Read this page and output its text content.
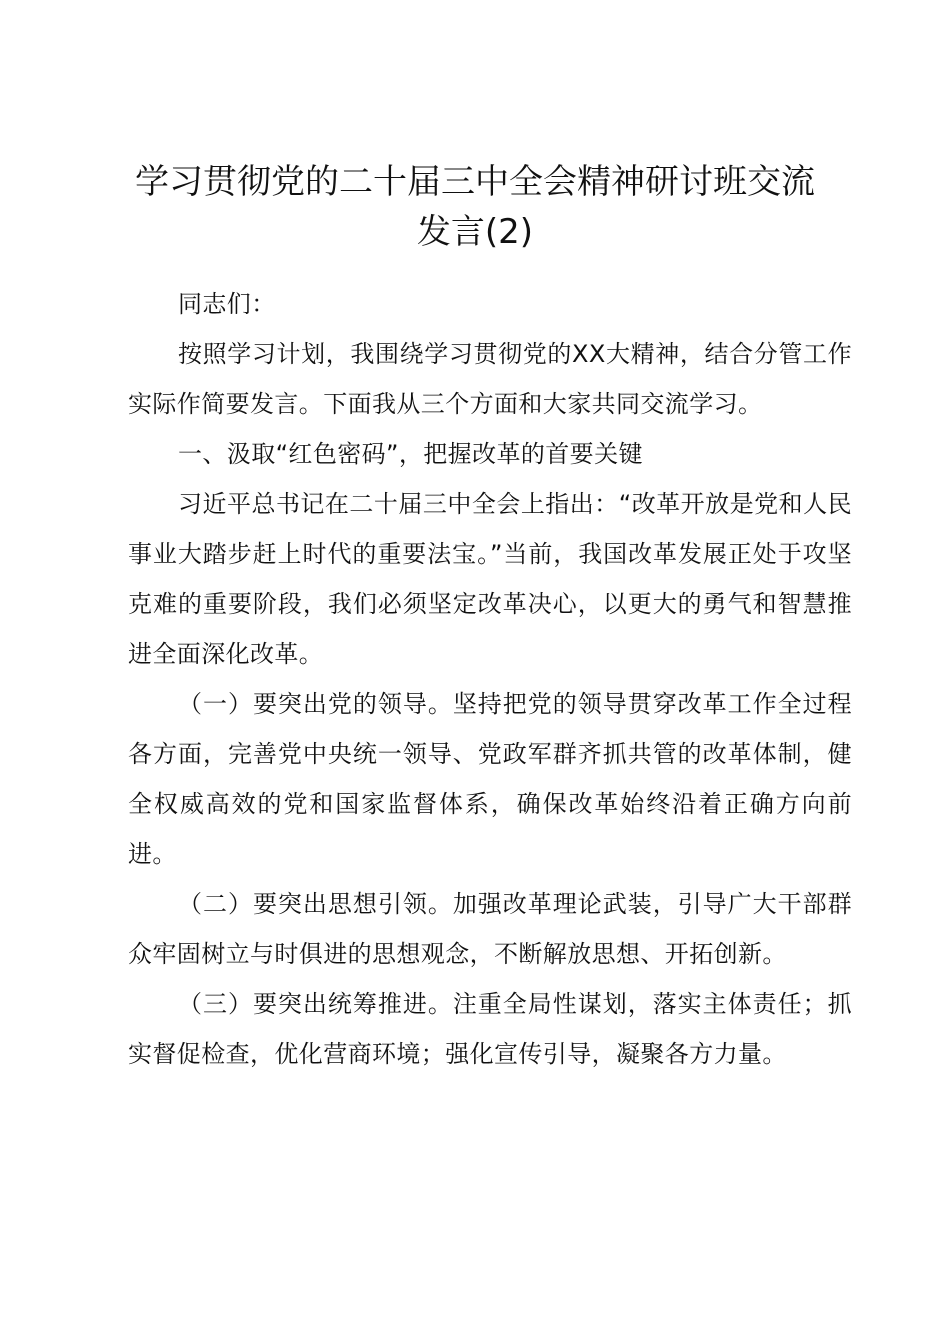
学习贯彻党的二十届三中全会精神研讨班交流
发言(2)

同志们：

按照学习计划，我围绕学习贯彻党的XX大精神，结合分管工作实际作简要发言。下面我从三个方面和大家共同交流学习。

一、汲取“红色密码”，把握改革的首要关键

习近平总书记在二十届三中全会上指出：“改革开放是党和人民事业大踏步赶上时代的重要法宝。”当前，我国改革发展正处于攻坚克难的重要阶段，我们必须坚定改革决心，以更大的勇气和智慧推进全面深化改革。

（一）要突出党的领导。坚持把党的领导贯穿改革工作全过程各方面，完善党中央统一领导、党政军群齐抓共管的改革体制，健全权威高效的党和国家监督体系，确保改革始终沿着正确方向前进。

（二）要突出思想引领。加强改革理论武装，引导广大干部群众牢固树立与时俱进的思想观念，不断解放思想、开拓创新。

（三）要突出统筹推进。注重全局性谋划，落实主体责任；抓实督促检查，优化营商环境；强化宣传引导，凝聚各方力量。
